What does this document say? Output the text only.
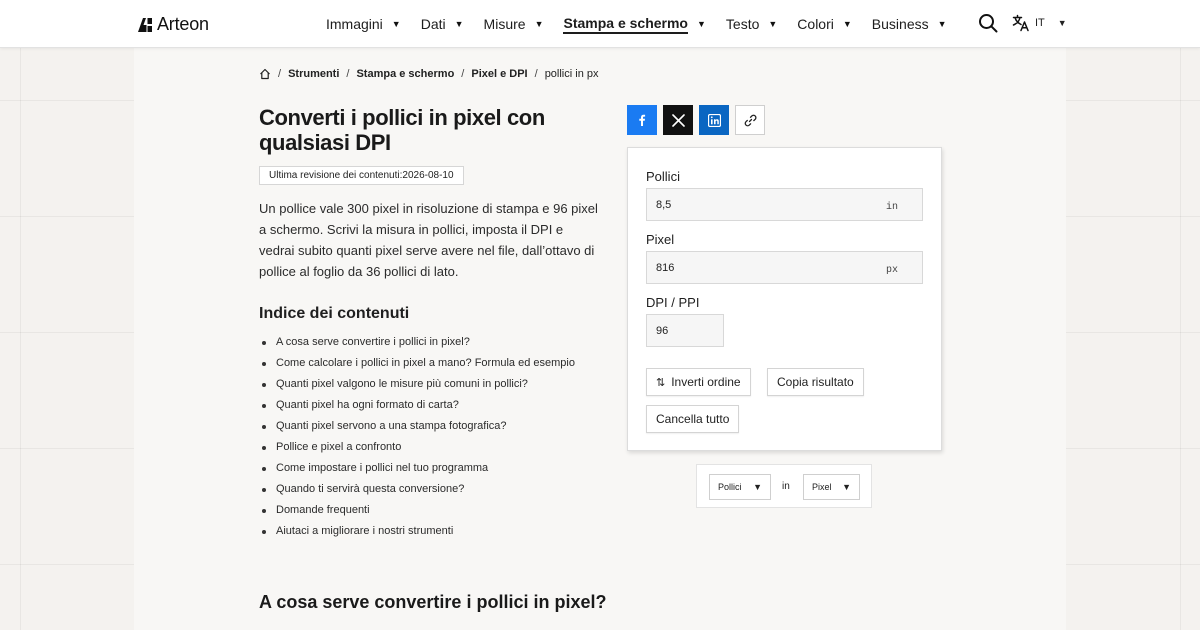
Arteon	Immagini ▼ Dati ▼ Misure ▼ Stampa e schermo ▼ Testo ▼ Colori ▼ Business ▼	IT ▼
/ Strumenti / Stampa e schermo / Pixel e DPI / pollici in px
Converti i pollici in pixel con qualsiasi DPI
Ultima revisione dei contenuti:2026-08-10

Un pollice vale 300 pixel in risoluzione di stampa e 96 pixel a schermo. Scrivi la misura in pollici, imposta il DPI e vedrai subito quanti pixel serve avere nel file, dall’ottavo di pollice al foglio da 36 pollici di lato.

Indice dei contenuti
A cosa serve convertire i pollici in pixel?
Come calcolare i pollici in pixel a mano? Formula ed esempio
Quanti pixel valgono le misure più comuni in pollici?
Quanti pixel ha ogni formato di carta?
Quanti pixel servono a una stampa fotografica?
Pollice e pixel a confronto
Come impostare i pollici nel tuo programma
Quando ti servirà questa conversione?
Domande frequenti
Aiutaci a migliorare i nostri strumenti
A cosa serve convertire i pollici in pixel?
Pollici
8,5
in
Pixel
816
px
DPI / PPI
96
⇅ Inverti ordine	Copia risultato
Cancella tutto
Pollici ▼ in Pixel ▼
